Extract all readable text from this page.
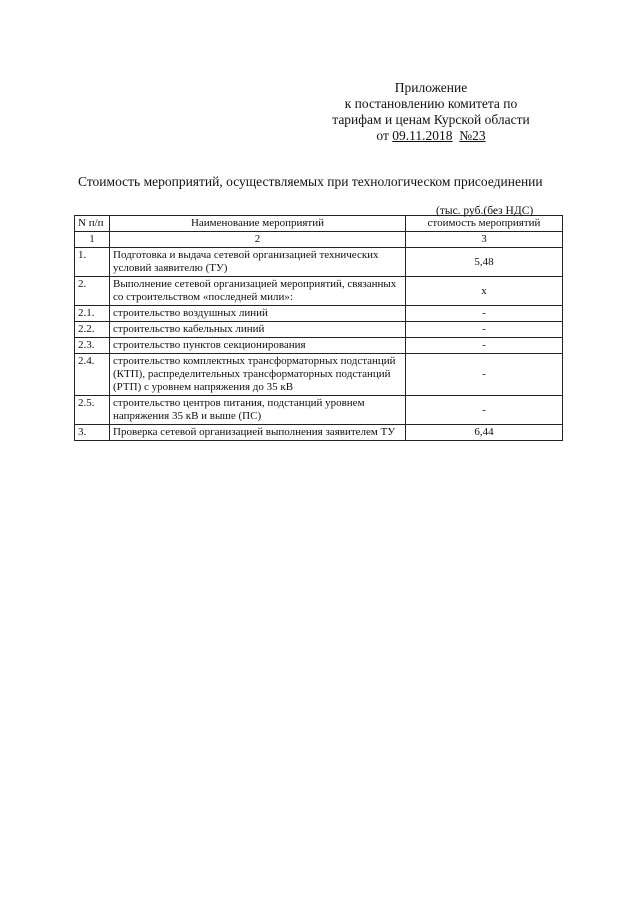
Приложение
к постановлению комитета по
тарифам и ценам Курской области
от 09.11.2018 №23
Стоимость мероприятий, осуществляемых при технологическом присоединении
(тыс. руб.(без НДС)
N п/п	Наименование мероприятий	стоимость мероприятий
1	2	3
1.	Подготовка и выдача сетевой организацией технических условий заявителю (ТУ)	5,48
2.	Выполнение сетевой организацией мероприятий, связанных со строительством «последней мили»:	x
2.1.	строительство воздушных линий	-
2.2.	строительство кабельных линий	-
2.3.	строительство пунктов секционирования	-
2.4.	строительство комплектных трансформаторных подстанций (КТП), распределительных трансформаторных подстанций (РТП) с уровнем напряжения до 35 кВ	-
2.5.	строительство центров питания, подстанций уровнем напряжения 35 кВ и выше (ПС)	-
3.	Проверка сетевой организацией выполнения заявителем ТУ	6,44
